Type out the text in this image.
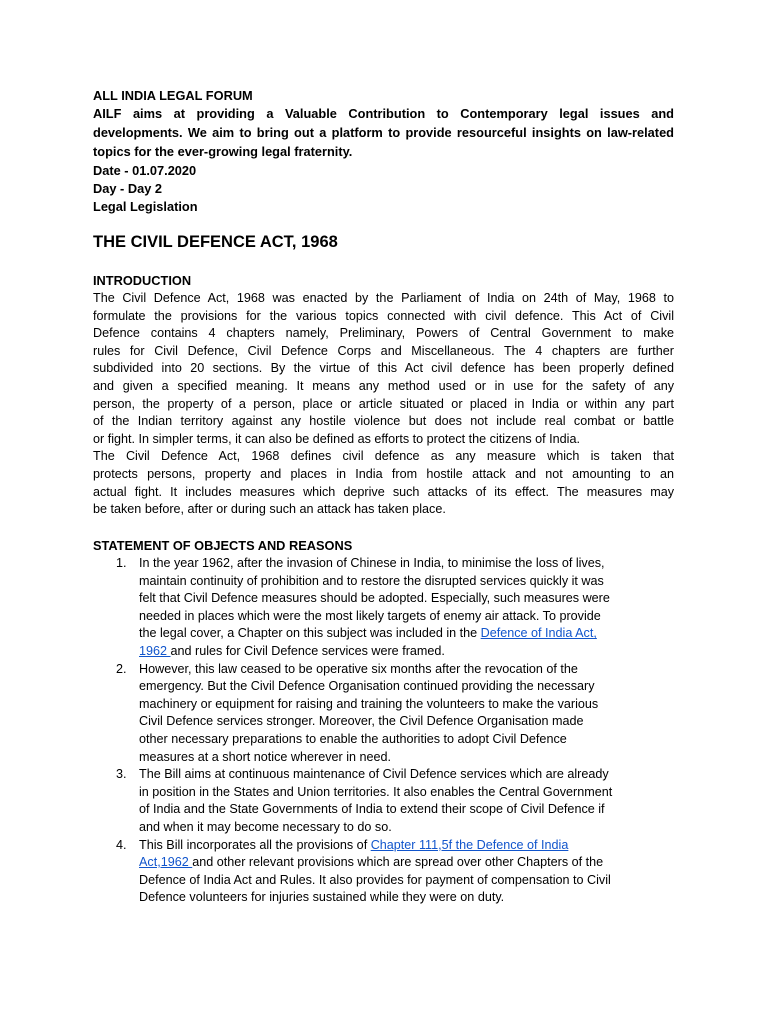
ALL INDIA LEGAL FORUM
AILF aims at providing a Valuable Contribution to Contemporary legal issues and
developments. We aim to bring out a platform to provide resourceful insights on law-related
topics for the ever-growing legal fraternity.
Date - 01.07.2020
Day - Day 2
Legal Legislation
THE CIVIL DEFENCE ACT, 1968
INTRODUCTION
The Civil Defence Act, 1968 was enacted by the Parliament of India on 24th of May, 1968 to
formulate the provisions for the various topics connected with civil defence. This Act of Civil
Defence contains 4 chapters namely, Preliminary, Powers of Central Government to make
rules for Civil Defence, Civil Defence Corps and Miscellaneous. The 4 chapters are further
subdivided into 20 sections. By the virtue of this Act civil defence has been properly defined
and given a specified meaning. It means any method used or in use for the safety of any
person, the property of a person, place or article situated or placed in India or within any part
of the Indian territory against any hostile violence but does not include real combat or battle
or fight. In simpler terms, it can also be defined as efforts to protect the citizens of India.
The Civil Defence Act, 1968 defines civil defence as any measure which is taken that
protects persons, property and places in India from hostile attack and not amounting to an
actual fight. It includes measures which deprive such attacks of its effect. The measures may
be taken before, after or during such an attack has taken place.
STATEMENT OF OBJECTS AND REASONS
1. In the year 1962, after the invasion of Chinese in India, to minimise the loss of lives,
maintain continuity of prohibition and to restore the disrupted services quickly it was
felt that Civil Defence measures should be adopted. Especially, such measures were
needed in places which were the most likely targets of enemy air attack. To provide
the legal cover, a Chapter on this subject was included in the Defence of India Act,
1962 and rules for Civil Defence services were framed.
2. However, this law ceased to be operative six months after the revocation of the
emergency. But the Civil Defence Organisation continued providing the necessary
machinery or equipment for raising and training the volunteers to make the various
Civil Defence services stronger. Moreover, the Civil Defence Organisation made
other necessary preparations to enable the authorities to adopt Civil Defence
measures at a short notice wherever in need.
3. The Bill aims at continuous maintenance of Civil Defence services which are already
in position in the States and Union territories. It also enables the Central Government
of India and the State Governments of India to extend their scope of Civil Defence if
and when it may become necessary to do so.
4. This Bill incorporates all the provisions of Chapter 111,5f the Defence of India
Act,1962 and other relevant provisions which are spread over other Chapters of the
Defence of India Act and Rules. It also provides for payment of compensation to Civil
Defence volunteers for injuries sustained while they were on duty.
